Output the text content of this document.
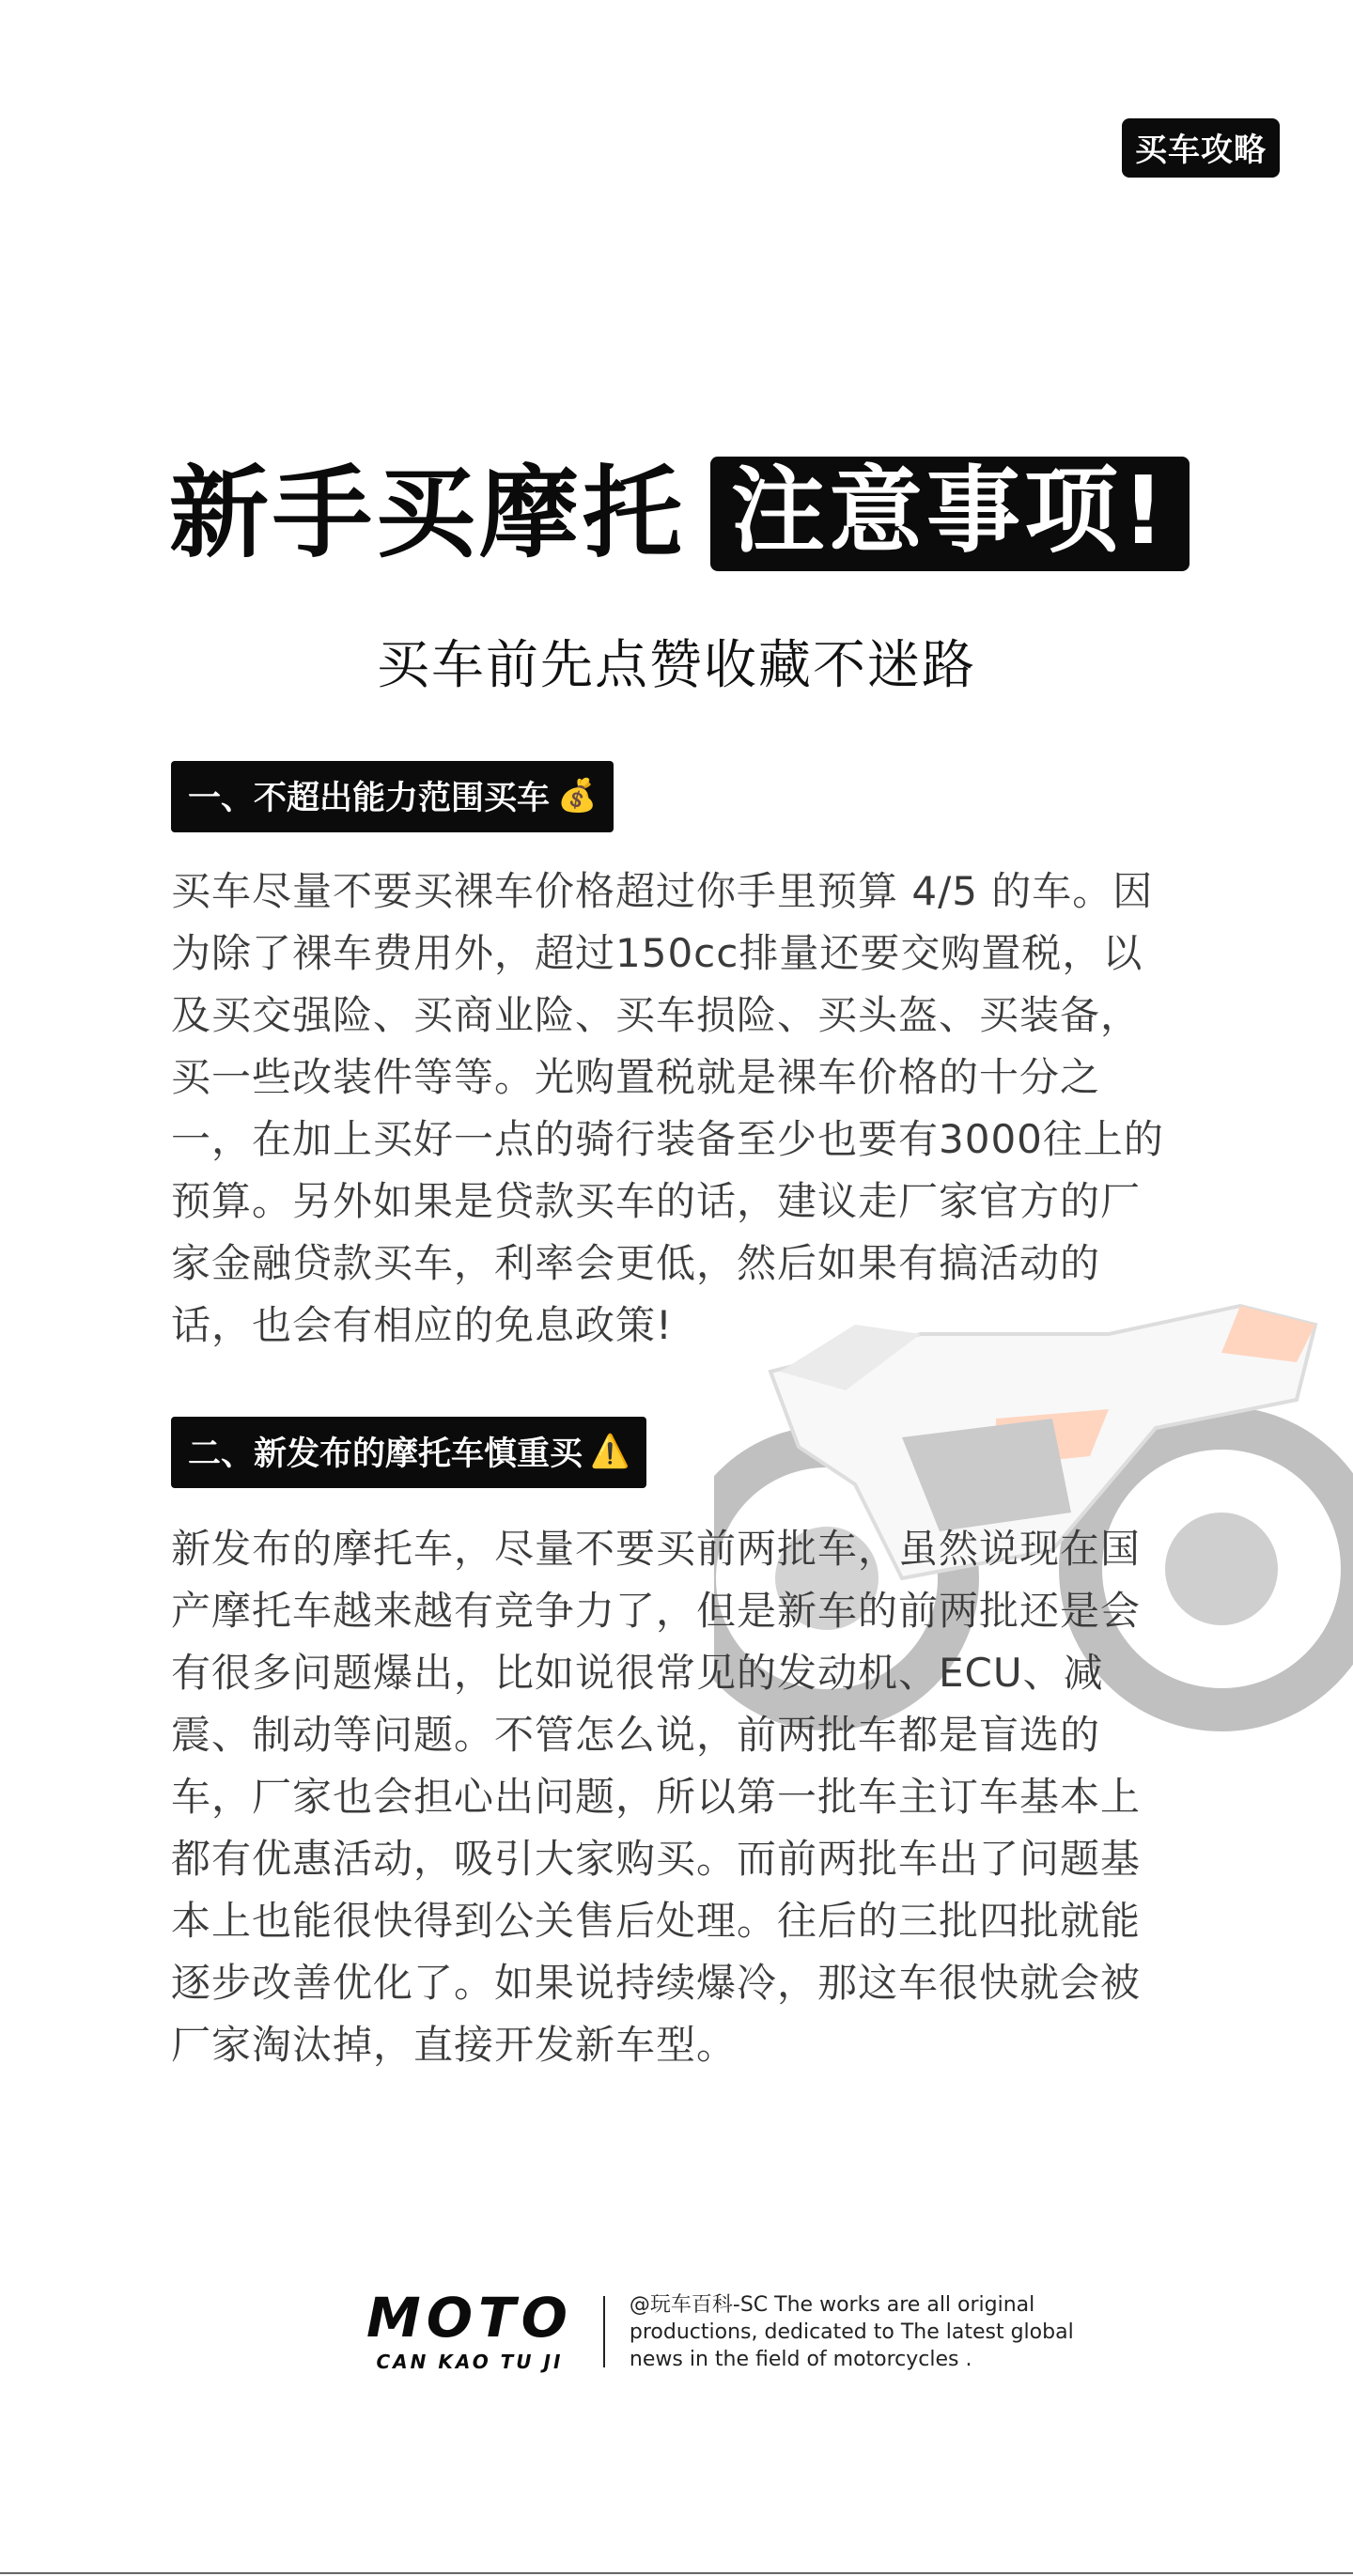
买车攻略
新手买摩托 注意事项!
买车前先点赞收藏不迷路
一、不超出能力范围买车 💰
买车尽量不要买裸车价格超过你手里预算 4/5 的车。因为除了裸车费用外，超过150cc排量还要交购置税，以及买交强险、买商业险、买车损险、买头盔、买装备，买一些改装件等等。光购置税就是裸车价格的十分之一，在加上买好一点的骑行装备至少也要有3000往上的预算。另外如果是贷款买车的话，建议走厂家官方的厂家金融贷款买车，利率会更低，然后如果有搞活动的话，也会有相应的免息政策!
二、新发布的摩托车慎重买 ⚠️
新发布的摩托车，尽量不要买前两批车，虽然说现在国产摩托车越来越有竞争力了，但是新车的前两批还是会有很多问题爆出，比如说很常见的发动机、ECU、减震、制动等问题。不管怎么说，前两批车都是盲选的车，厂家也会担心出问题，所以第一批车主订车基本上都有优惠活动，吸引大家购买。而前两批车出了问题基本上也能很快得到公关售后处理。往后的三批四批就能逐步改善优化了。如果说持续爆冷，那这车很快就会被厂家淘汰掉，直接开发新车型。
MOTO
CAN KAO TU JI
@玩车百科-SC The works are all original productions, dedicated to The latest global news in the field of motorcycles .
